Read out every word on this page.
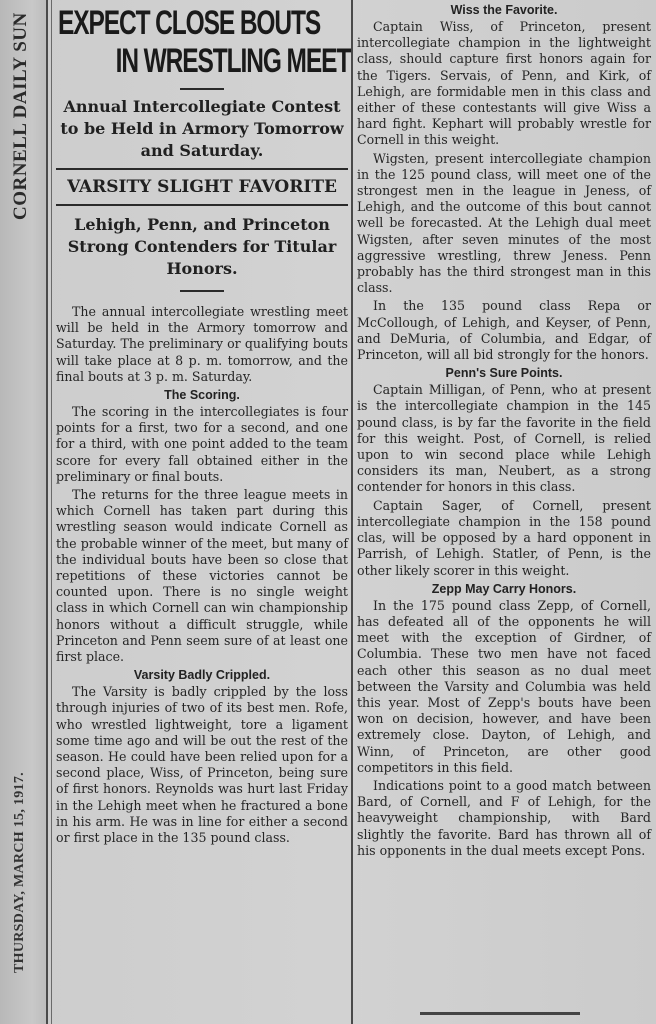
CORNELL DAILY SUN
THURSDAY, MARCH 15, 1917.
EXPECT CLOSE BOUTS
IN WRESTLING MEET

Annual Intercollegiate Contest to be Held in Armory Tomorrow and Saturday.

VARSITY SLIGHT FAVORITE

Lehigh, Penn, and Princeton Strong Contenders for Titular Honors.

The annual intercollegiate wrestling meet will be held in the Armory tomorrow and Saturday. The preliminary or qualifying bouts will take place at 8 p. m. tomorrow, and the final bouts at 3 p. m. Saturday.

The Scoring.

The scoring in the intercollegiates is four points for a first, two for a second, and one for a third, with one point added to the team score for every fall obtained either in the preliminary or final bouts.

The returns for the three league meets in which Cornell has taken part during this wrestling season would indicate Cornell as the probable winner of the meet, but many of the individual bouts have been so close that repetitions of these victories cannot be counted upon. There is no single weight class in which Cornell can win championship honors without a difficult struggle, while Princeton and Penn seem sure of at least one first place.

Varsity Badly Crippled.

The Varsity is badly crippled by the loss through injuries of two of its best men. Rofe, who wrestled lightweight, tore a ligament some time ago and will be out the rest of the season. He could have been relied upon for a second place, Wiss, of Princeton, being sure of first honors. Reynolds was hurt last Friday in the Lehigh meet when he fractured a bone in his arm. He was in line for either a second or first place in the 135 pound class.

Wiss the Favorite.

Captain Wiss, of Princeton, present intercollegiate champion in the lightweight class, should capture first honors again for the Tigers. Servais, of Penn, and Kirk, of Lehigh, are formidable men in this class and either of these contestants will give Wiss a hard fight. Kephart will probably wrestle for Cornell in this weight.

Wigsten, present intercollegiate champion in the 125 pound class, will meet one of the strongest men in the league in Jeness, of Lehigh, and the outcome of this bout cannot well be forecasted. At the Lehigh dual meet Wigsten, after seven minutes of the most aggressive wrestling, threw Jeness. Penn probably has the third strongest man in this class.

In the 135 pound class Repa or McCollough, of Lehigh, and Keyser, of Penn, and DeMuria, of Columbia, and Edgar, of Princeton, will all bid strongly for the honors.

Penn's Sure Points.

Captain Milligan, of Penn, who at present is the intercollegiate champion in the 145 pound class, is by far the favorite in the field for this weight. Post, of Cornell, is relied upon to win second place while Lehigh considers its man, Neubert, as a strong contender for honors in this class.

Captain Sager, of Cornell, present intercollegiate champion in the 158 pound clas, will be opposed by a hard opponent in Parrish, of Lehigh. Statler, of Penn, is the other likely scorer in this weight.

Zepp May Carry Honors.

In the 175 pound class Zepp, of Cornell, has defeated all of the opponents he will meet with the exception of Girdner, of Columbia. These two men have not faced each other this season as no dual meet between the Varsity and Columbia was held this year. Most of Zepp's bouts have been won on decision, however, and have been extremely close. Dayton, of Lehigh, and Winn, of Princeton, are other good competitors in this field.

Indications point to a good match between Bard, of Cornell, and F of Lehigh, for the heavyweight championship, with Bard slightly the favorite. Bard has thrown all of his opponents in the dual meets except Pons.
